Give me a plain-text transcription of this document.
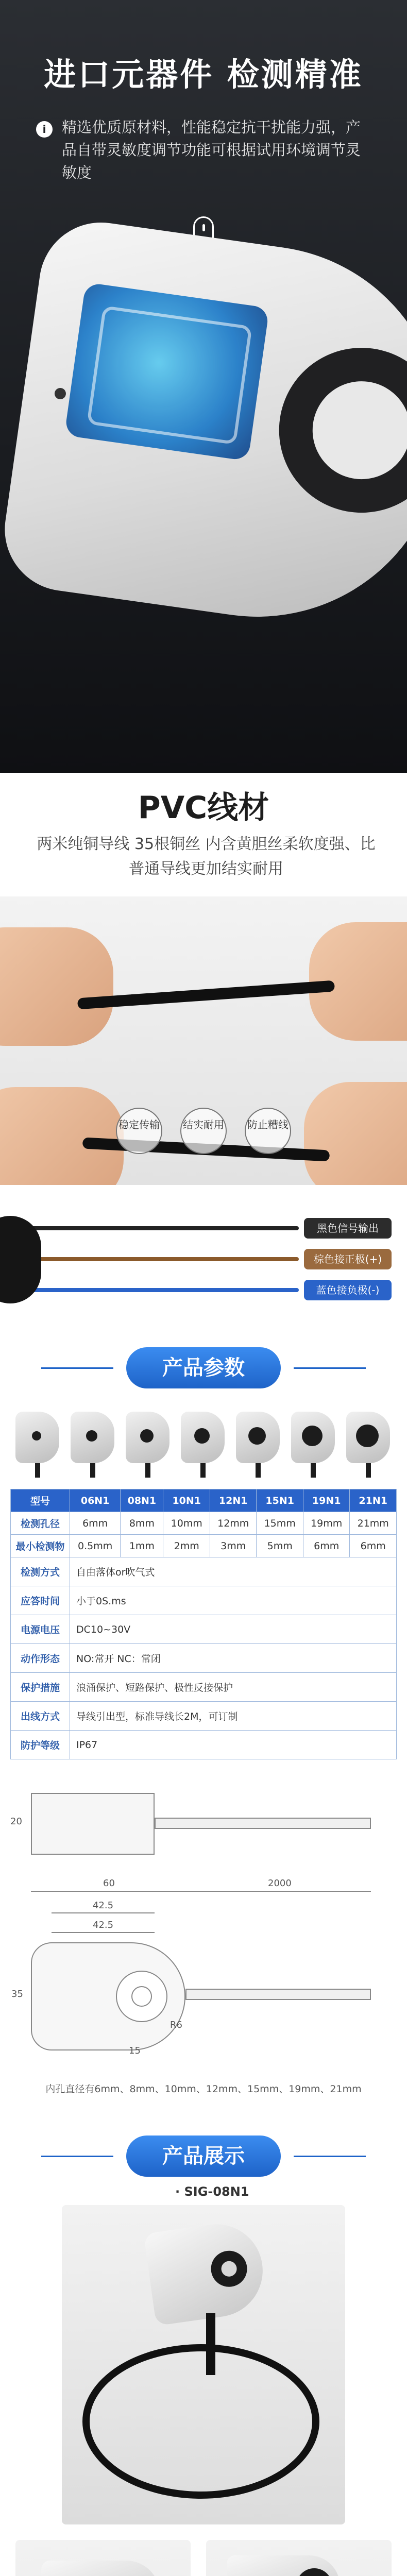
进口元器件 检测精准
i	精选优质原材料，性能稳定抗干扰能力强，产品自带灵敏度调节功能可根据试用环境调节灵敏度
PVC线材
两米纯铜导线 35根铜丝 内含黄胆丝柔软度强、比普通导线更加结实耐用
稳定传输 结实耐用 防止糟线
黑色信号输出
棕色接正极(+)
蓝色接负极(-)
产品参数
型号	06N1	08N1	10N1	12N1	15N1	19N1	21N1
检测孔径	6mm	8mm	10mm	12mm	15mm	19mm	21mm
最小检测物	0.5mm	1mm	2mm	3mm	5mm	6mm	6mm
检测方式	自由落体or吹气式						
应答时间	小于0S.ms						
电源电压	DC10~30V						
动作形态	NO:常开 NC：常闭						
保护措施	浪涌保护、短路保护、极性反接保护						
出线方式	导线引出型，标准导线长2M，可订制						
防护等级	IP67						
20
60	2000
42.5
42.5
35
15
R6
内孔直径有6mm、8mm、10mm、12mm、15mm、19mm、21mm
产品展示
· SIG-08N1
